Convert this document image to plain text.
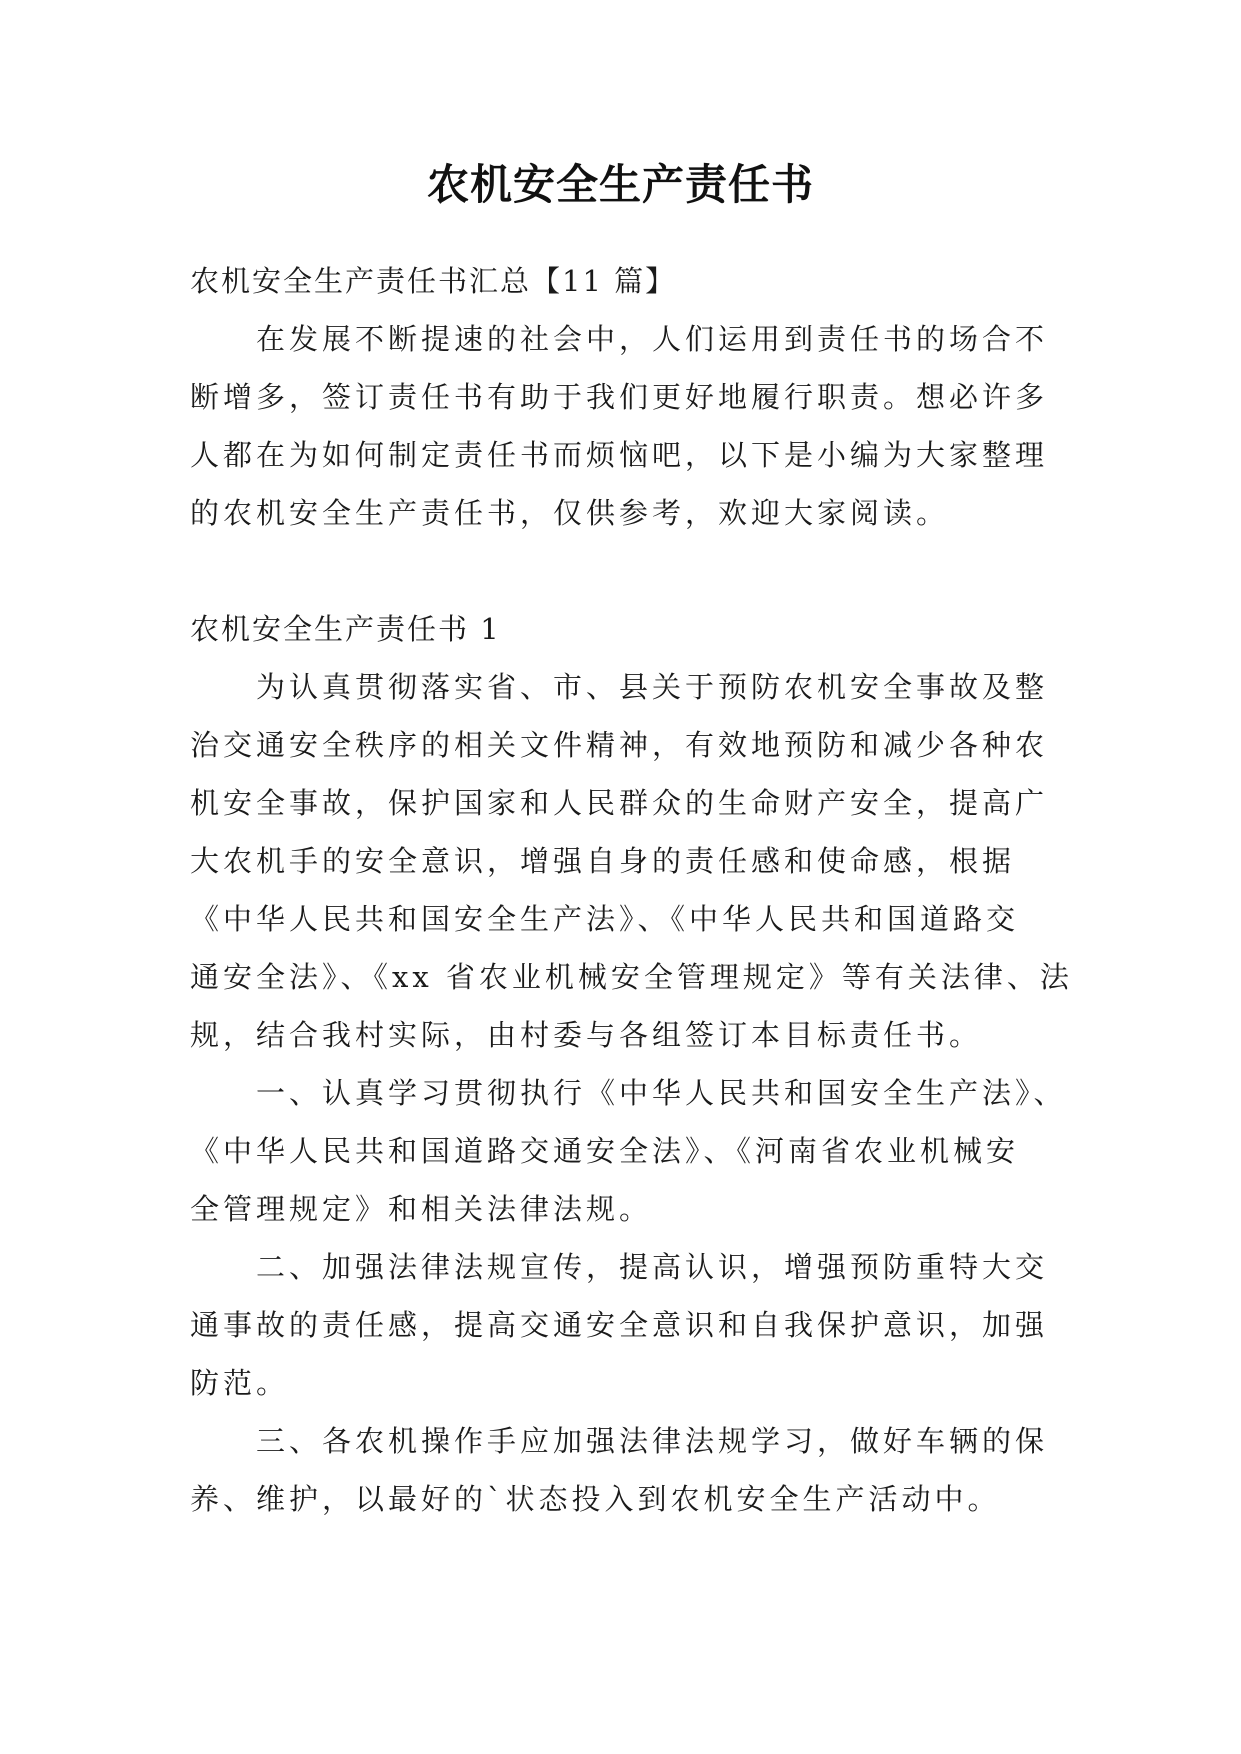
农机安全生产责任书
农机安全生产责任书汇总【11 篇】
在发展不断提速的社会中，人们运用到责任书的场合不
断增多，签订责任书有助于我们更好地履行职责。想必许多
人都在为如何制定责任书而烦恼吧，以下是小编为大家整理
的农机安全生产责任书，仅供参考，欢迎大家阅读。
农机安全生产责任书 1
为认真贯彻落实省、市、县关于预防农机安全事故及整
治交通安全秩序的相关文件精神，有效地预防和减少各种农
机安全事故，保护国家和人民群众的生命财产安全，提高广
大农机手的安全意识，增强自身的责任感和使命感，根据
《中华人民共和国安全生产法》、《中华人民共和国道路交
通安全法》、《xx 省农业机械安全管理规定》等有关法律、法
规，结合我村实际，由村委与各组签订本目标责任书。
一、认真学习贯彻执行《中华人民共和国安全生产法》、
《中华人民共和国道路交通安全法》、《河南省农业机械安
全管理规定》和相关法律法规。
二、加强法律法规宣传，提高认识，增强预防重特大交
通事故的责任感，提高交通安全意识和自我保护意识，加强
防范。
三、各农机操作手应加强法律法规学习，做好车辆的保
养、维护，以最好的`状态投入到农机安全生产活动中。
